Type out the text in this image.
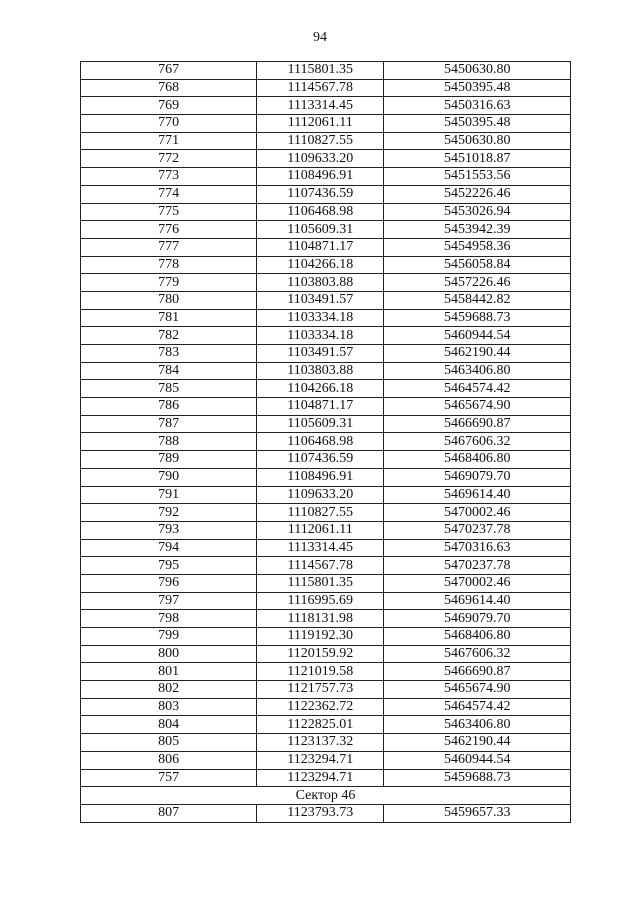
94
767	1115801.35	5450630.80
768	1114567.78	5450395.48
769	1113314.45	5450316.63
770	1112061.11	5450395.48
771	1110827.55	5450630.80
772	1109633.20	5451018.87
773	1108496.91	5451553.56
774	1107436.59	5452226.46
775	1106468.98	5453026.94
776	1105609.31	5453942.39
777	1104871.17	5454958.36
778	1104266.18	5456058.84
779	1103803.88	5457226.46
780	1103491.57	5458442.82
781	1103334.18	5459688.73
782	1103334.18	5460944.54
783	1103491.57	5462190.44
784	1103803.88	5463406.80
785	1104266.18	5464574.42
786	1104871.17	5465674.90
787	1105609.31	5466690.87
788	1106468.98	5467606.32
789	1107436.59	5468406.80
790	1108496.91	5469079.70
791	1109633.20	5469614.40
792	1110827.55	5470002.46
793	1112061.11	5470237.78
794	1113314.45	5470316.63
795	1114567.78	5470237.78
796	1115801.35	5470002.46
797	1116995.69	5469614.40
798	1118131.98	5469079.70
799	1119192.30	5468406.80
800	1120159.92	5467606.32
801	1121019.58	5466690.87
802	1121757.73	5465674.90
803	1122362.72	5464574.42
804	1122825.01	5463406.80
805	1123137.32	5462190.44
806	1123294.71	5460944.54
757	1123294.71	5459688.73
Сектор 46		
807	1123793.73	5459657.33
